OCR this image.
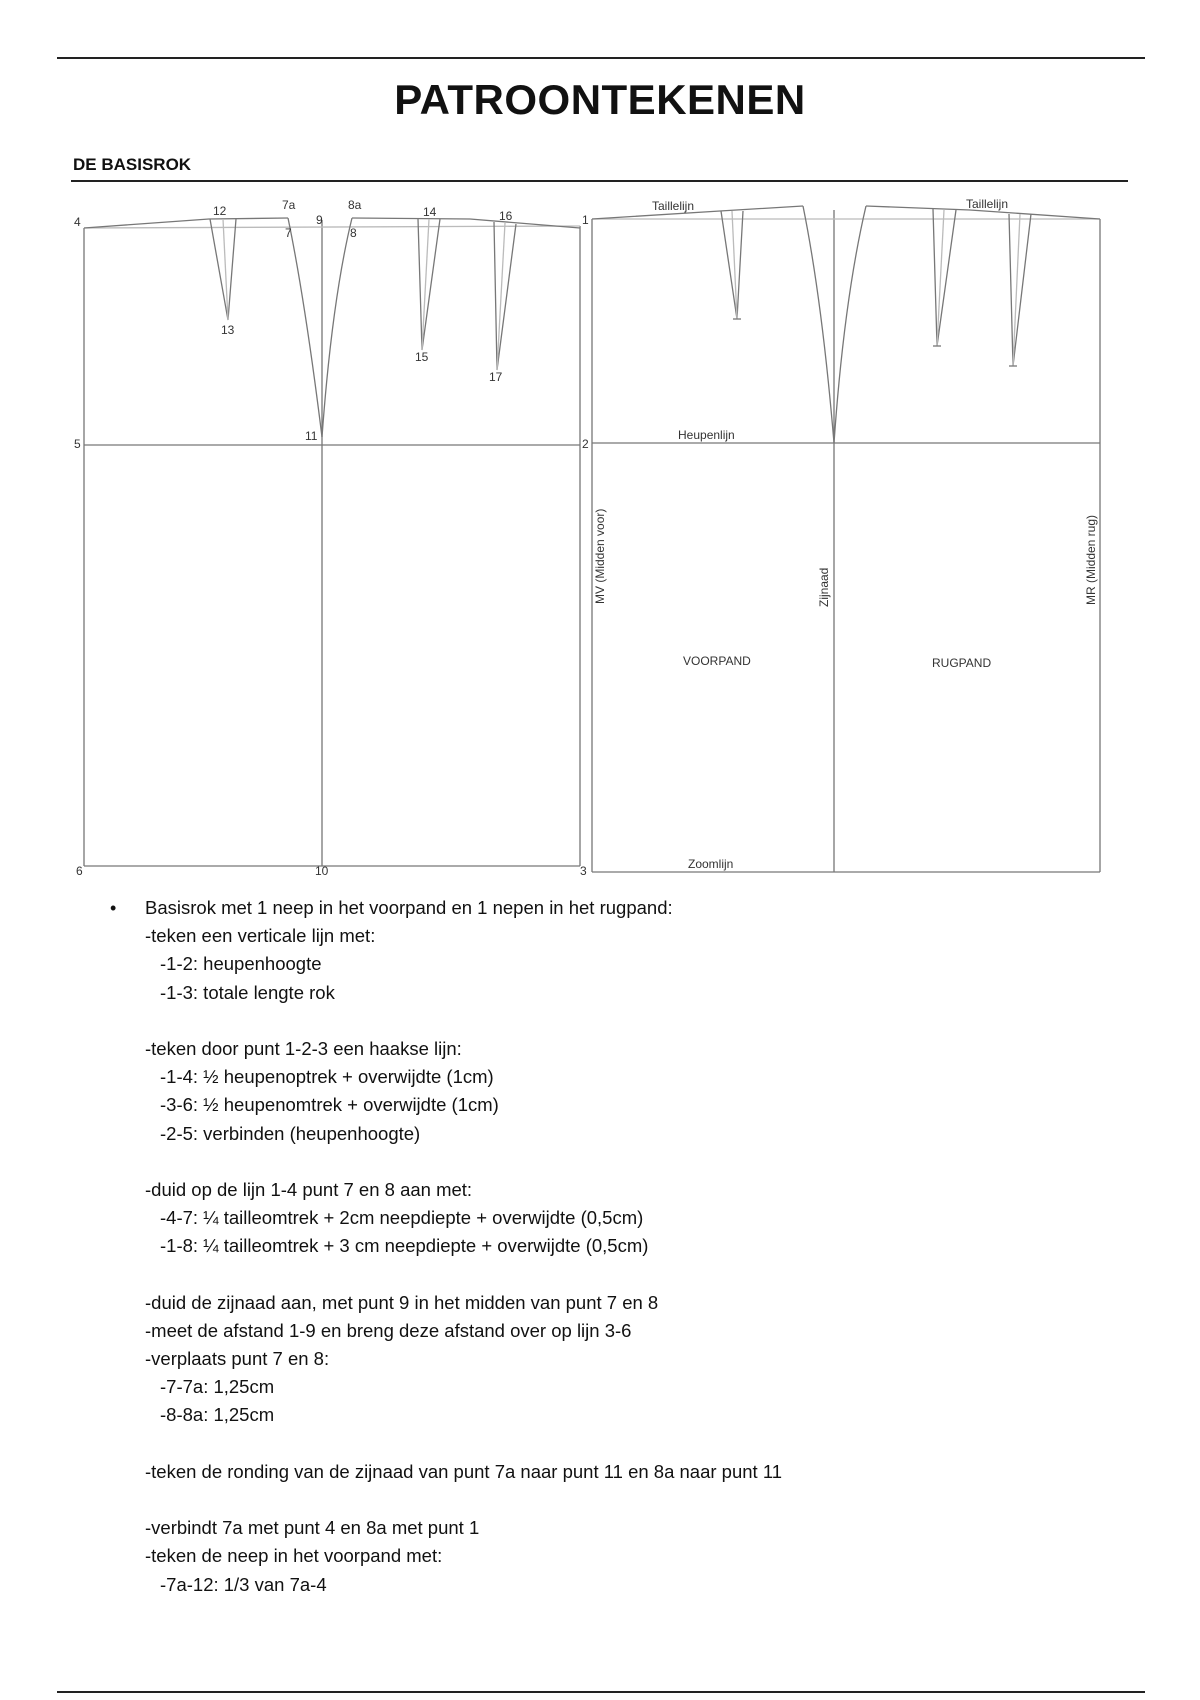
PATROONTEKENEN
DE BASISROK
4
5
6
12
13
7a
7
9
8a
8
14
15
16
17
11
10
1
2
3
Taillelijn	Taillelijn
Heupenlijn
Zoomlijn
VOORPAND	RUGPAND
MV (Midden voor)	Zijnaad	MR (Midden rug)
• Basisrok met 1 neep in het voorpand en 1 nepen in het rugpand:
-teken een verticale lijn met:
-1-2: heupenhoogte
-1-3: totale lengte rok
-teken door punt 1-2-3 een haakse lijn:
-1-4: ½ heupenoptrek + overwijdte (1cm)
-3-6: ½ heupenomtrek + overwijdte (1cm)
-2-5: verbinden (heupenhoogte)
-duid op de lijn 1-4 punt 7 en 8 aan met:
-4-7: ¼ tailleomtrek + 2cm neepdiepte + overwijdte (0,5cm)
-1-8: ¼ tailleomtrek + 3 cm neepdiepte + overwijdte (0,5cm)
-duid de zijnaad aan, met punt 9 in het midden van punt 7 en 8
-meet de afstand 1-9 en breng deze afstand over op lijn 3-6
-verplaats punt 7 en 8:
-7-7a: 1,25cm
-8-8a: 1,25cm
-teken de ronding van de zijnaad van punt 7a naar punt 11 en 8a naar punt 11
-verbindt 7a met punt 4 en 8a met punt 1
-teken de neep in het voorpand met:
-7a-12: 1/3 van 7a-4
